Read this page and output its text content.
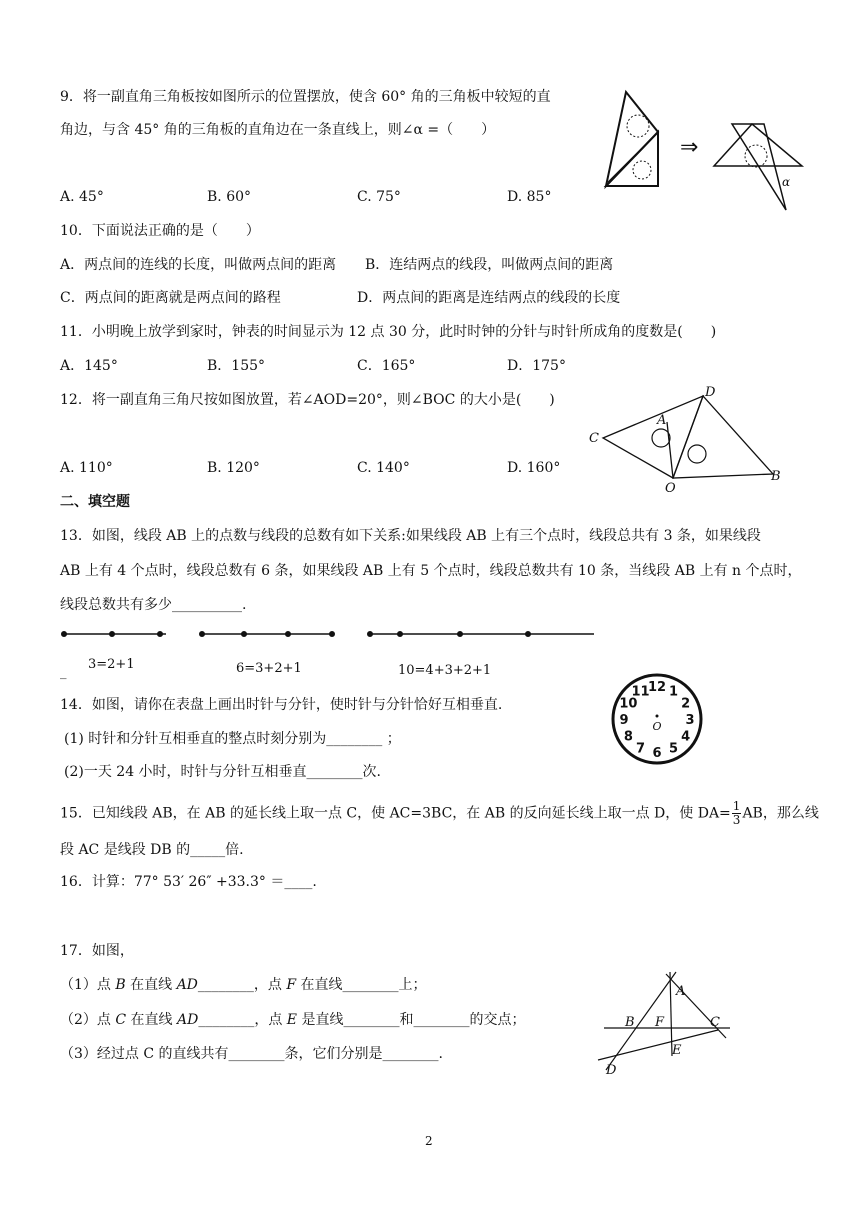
9．将一副直角三角板按如图所示的位置摆放，使含 60° 角的三角板中较短的直
角边，与含 45° 角的三角板的直角边在一条直线上，则∠α =（　　）
A. 45°	B. 60°	C. 75°	D. 85°
⇒
α
10．下面说法正确的是（　　）
A．两点间的连线的长度，叫做两点间的距离 B．连结两点的线段，叫做两点间的距离
C．两点间的距离就是两点间的路程	D．两点间的距离是连结两点的线段的长度
11．小明晚上放学到家时，钟表的时间显示为 12 点 30 分，此时时钟的分针与时针所成角的度数是(　　)
A．145°	B．155°	C．165°	D．175°
12．将一副直角三角尺按如图放置，若∠AOD=20°，则∠BOC 的大小是(　　)
A. 110°	B. 120°	C. 140°	D. 160°
C
A
D
O
B
二、填空题
13．如图，线段 AB 上的点数与线段的总数有如下关系:如果线段 AB 上有三个点时，线段总共有 3 条，如果线段
AB 上有 4 个点时，线段总数有 6 条，如果线段 AB 上有 5 个点时，线段总数共有 10 条，当线段 AB 上有 n 个点时，
线段总数共有多少__________.
_
3=2+1	6=3+2+1	10=4+3+2+1
14．如图，请你在表盘上画出时针与分针，使时针与分针恰好互相垂直.
(1) 时针和分针互相垂直的整点时刻分别为________ ；
(2)一天 24 小时，时针与分针互相垂直________次.
12 1
2
3
4
5
6
7
8
9
10
11
O
15．已知线段 AB，在 AB 的延长线上取一点 C，使 AC=3BC，在 AB 的反向延长线上取一点 D，使 $DA= \frac{1}{3}$ AB，那么线
段 AC 是线段 DB 的_____倍.
16．计算：77° 53′ 26″ +33.3° ＝____.
17．如图，
（1）点 B 在直线 AD________，点 F 在直线________上；
（2）点 C 在直线 AD________，点 E 是直线________和________的交点；
（3）经过点 C 的直线共有________条，它们分别是________.
A
B F	C
E
D
2
